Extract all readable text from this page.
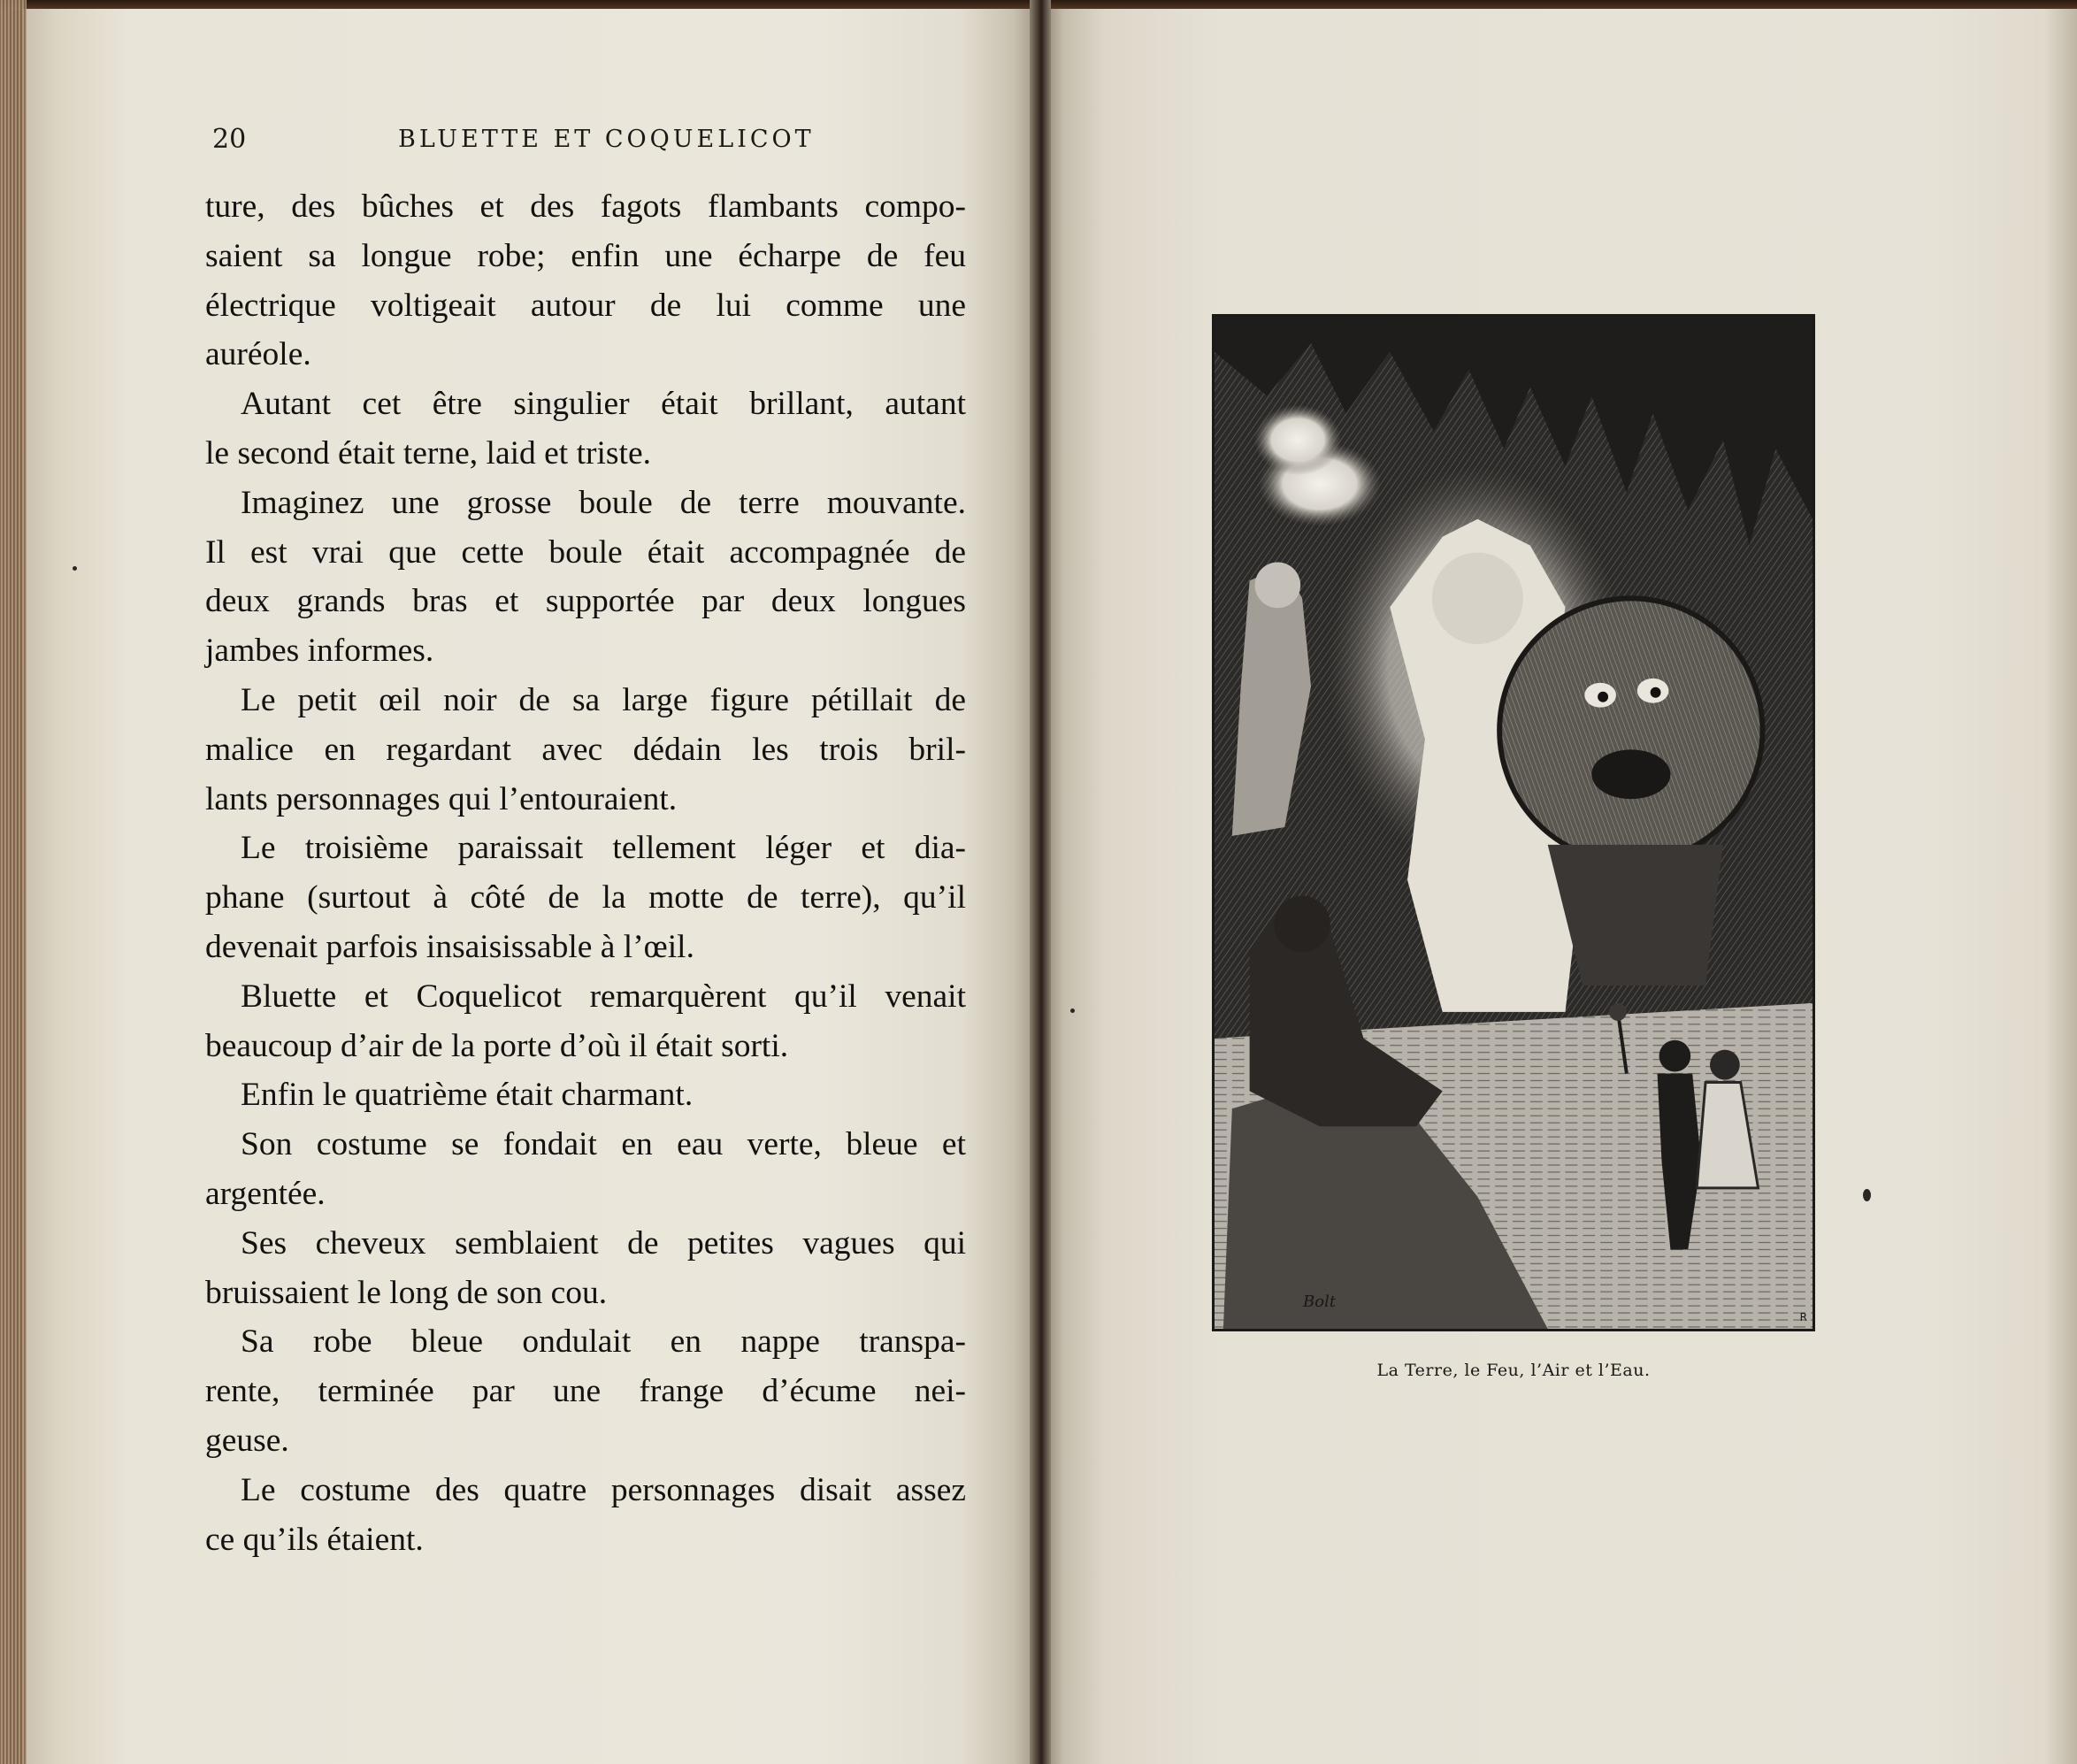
20	BLUETTE ET COQUELICOT

ture, des bûches et des fagots flambants compo-

saient sa longue robe; enfin une écharpe de feu

électrique voltigeait autour de lui comme une

auréole.

Autant cet être singulier était brillant, autant

le second était terne, laid et triste.

Imaginez une grosse boule de terre mouvante.

Il est vrai que cette boule était accompagnée de

deux grands bras et supportée par deux longues

jambes informes.

Le petit œil noir de sa large figure pétillait de

malice en regardant avec dédain les trois bril-

lants personnages qui l’entouraient.

Le troisième paraissait tellement léger et dia-

phane (surtout à côté de la motte de terre), qu’il

devenait parfois insaisissable à l’œil.

Bluette et Coquelicot remarquèrent qu’il venait

beaucoup d’air de la porte d’où il était sorti.

Enfin le quatrième était charmant.

Son costume se fondait en eau verte, bleue et

argentée.

Ses cheveux semblaient de petites vagues qui

bruissaient le long de son cou.

Sa robe bleue ondulait en nappe transpa-

rente, terminée par une frange d’écume nei-

geuse.

Le costume des quatre personnages disait assez

ce qu’ils étaient.

Bolt
R
La Terre, le Feu, l’Air et l’Eau.
